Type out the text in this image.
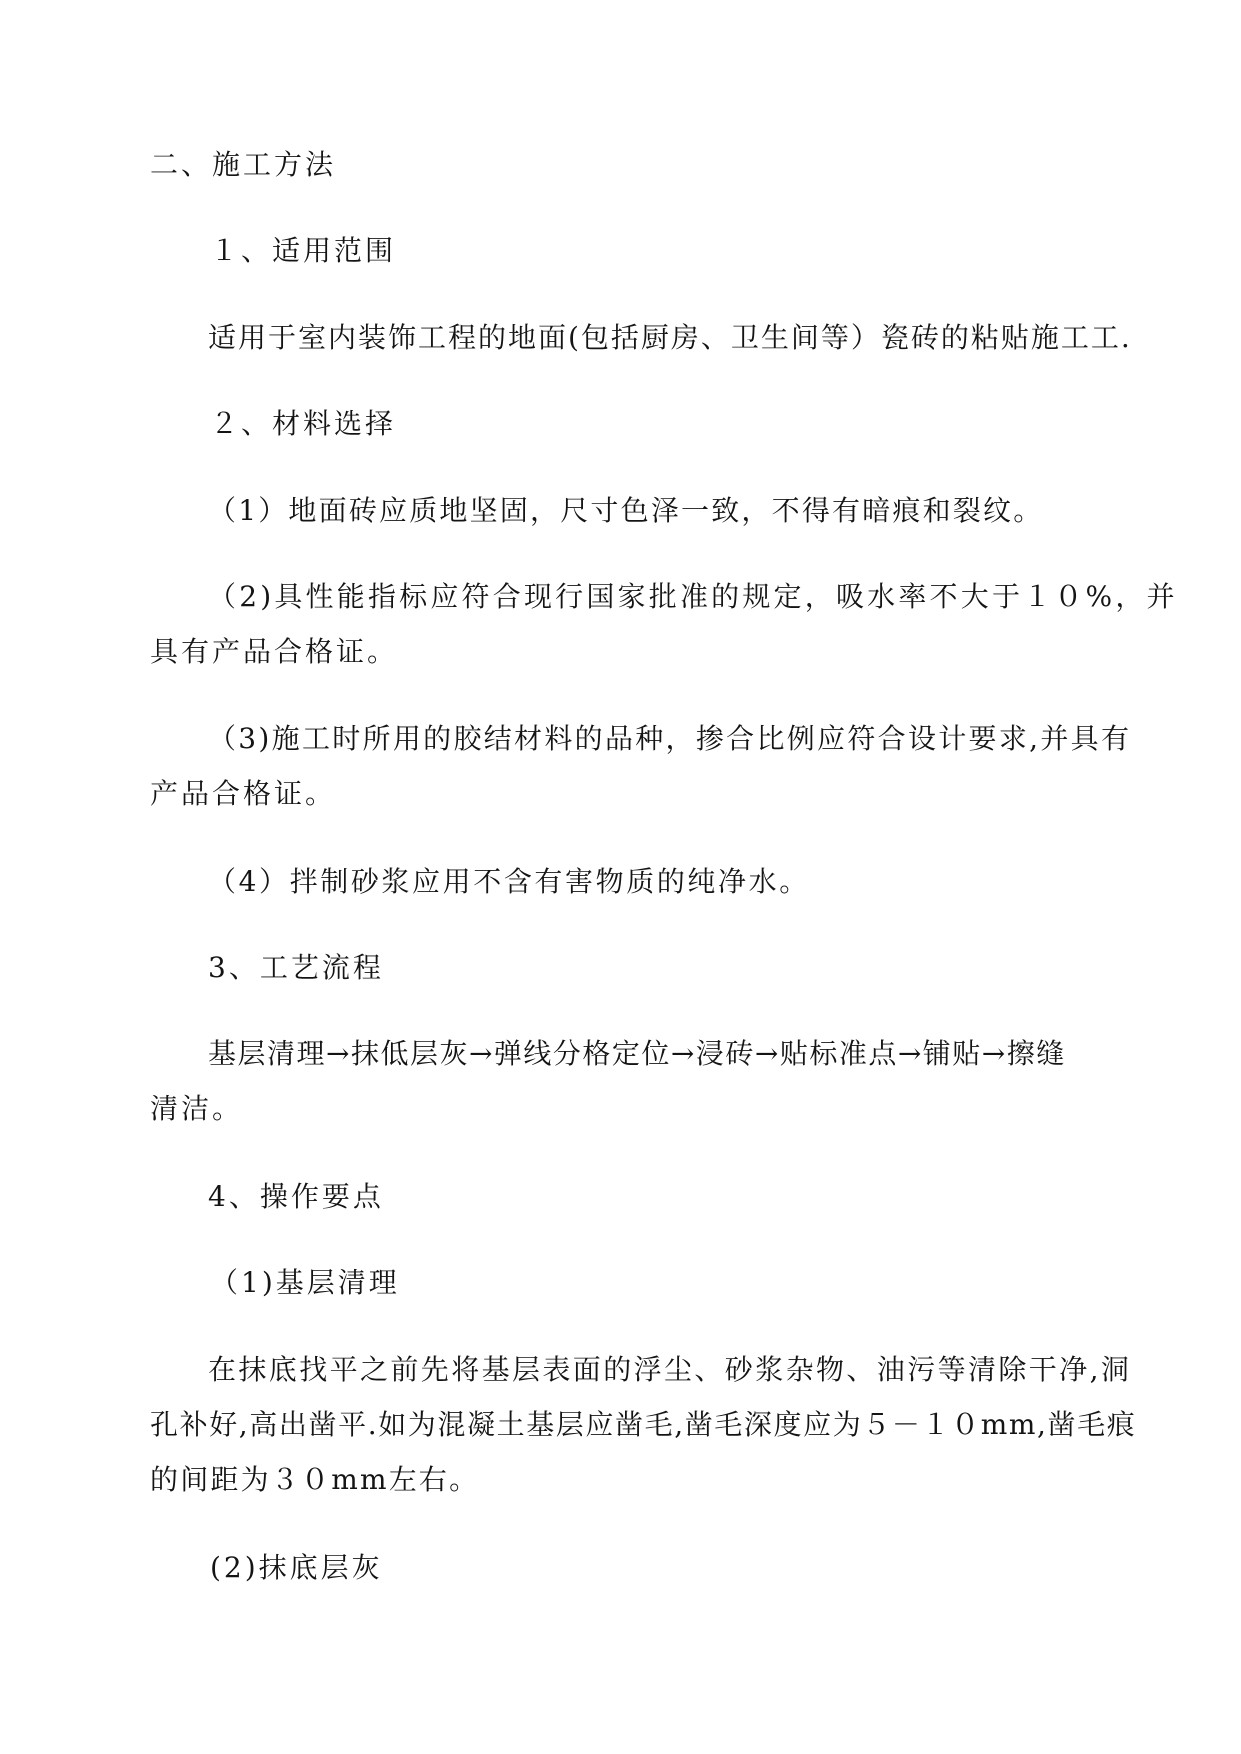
二、施工方法
１、适用范围
适用于室内装饰工程的地面(包括厨房、卫生间等）瓷砖的粘贴施工工.
２、材料选择
（1）地面砖应质地坚固，尺寸色泽一致，不得有暗痕和裂纹。
（2)具性能指标应符合现行国家批准的规定，吸水率不大于１０%，并
具有产品合格证。
（3)施工时所用的胶结材料的品种，掺合比例应符合设计要求,并具有
产品合格证。
（4）拌制砂浆应用不含有害物质的纯净水。
3、工艺流程
基层清理→抹低层灰→弹线分格定位→浸砖→贴标准点→铺贴→擦缝
清洁。
4、操作要点
（1)基层清理
在抹底找平之前先将基层表面的浮尘、砂浆杂物、油污等清除干净,洞
孔补好,高出凿平.如为混凝土基层应凿毛,凿毛深度应为５－１０mm,凿毛痕
的间距为３０mm左右。
(2)抹底层灰
